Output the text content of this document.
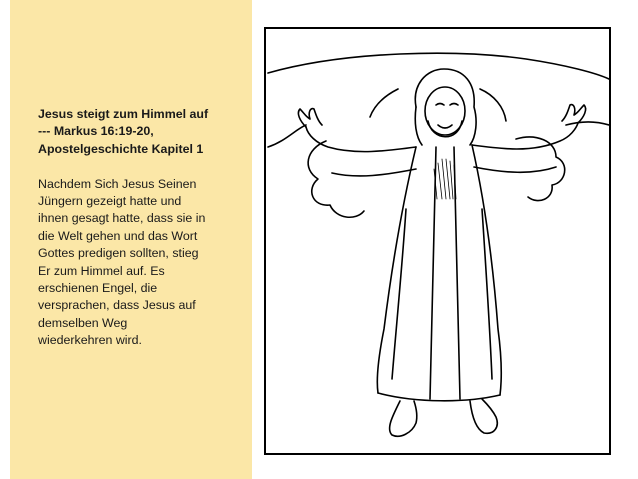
Jesus steigt zum Himmel auf
--- Markus 16:19-20,
Apostelgeschichte Kapitel 1

Nachdem Sich Jesus Seinen
Jüngern gezeigt hatte und
ihnen gesagt hatte, dass sie in
die Welt gehen und das Wort
Gottes predigen sollten, stieg
Er zum Himmel auf. Es
erschienen Engel, die
versprachen, dass Jesus auf
demselben Weg
wiederkehren wird.
